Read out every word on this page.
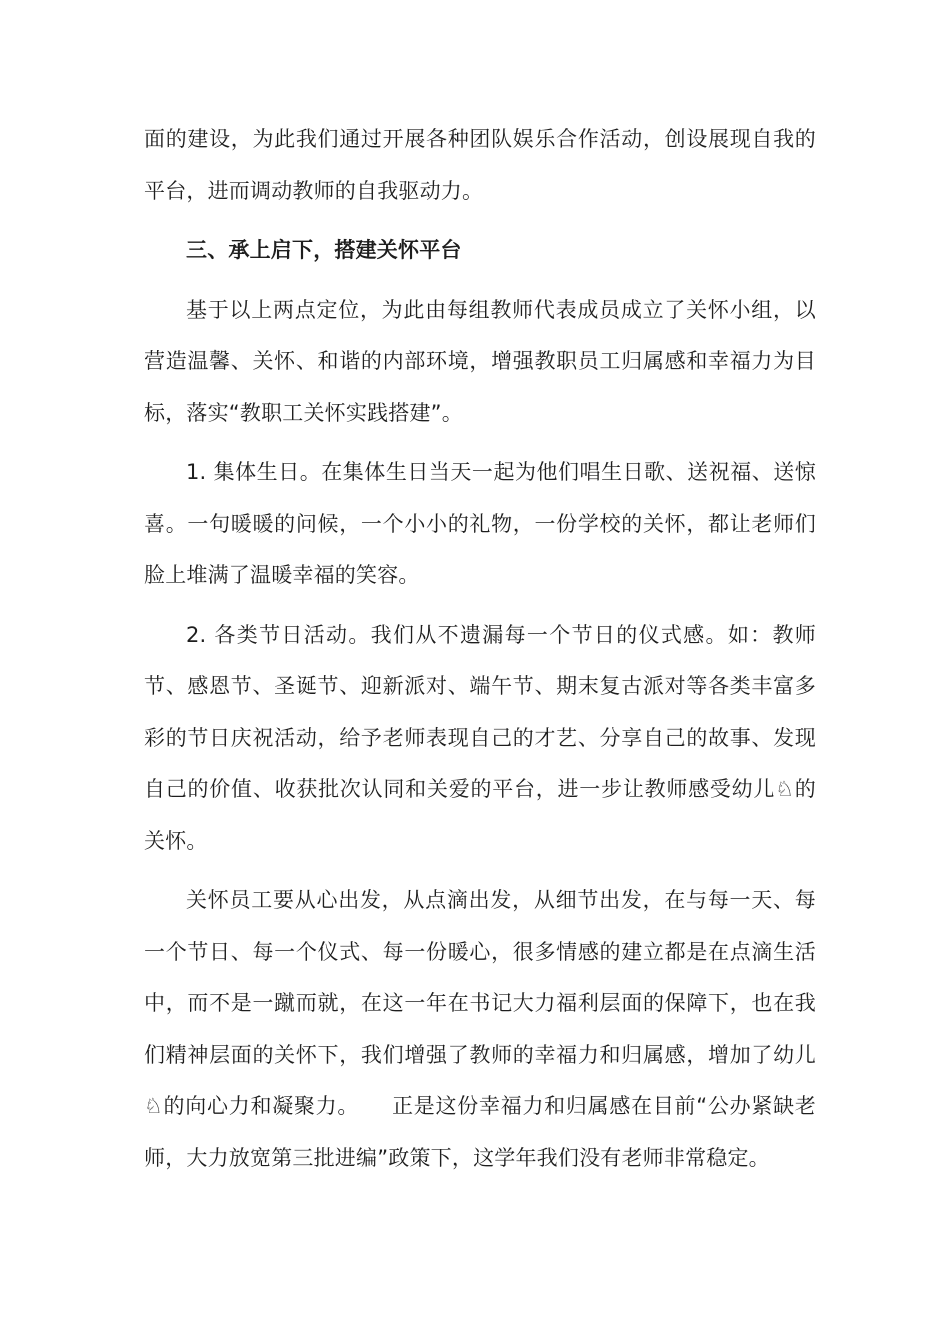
面的建设，为此我们通过开展各种团队娱乐合作活动，创设展现自我的平台，进而调动教师的自我驱动力。

三、承上启下，搭建关怀平台

基于以上两点定位，为此由每组教师代表成员成立了关怀小组，以营造温馨、关怀、和谐的内部环境，增强教职员工归属感和幸福力为目标，落实“教职工关怀实践搭建”。

1. 集体生日。在集体生日当天一起为他们唱生日歌、送祝福、送惊喜。一句暖暖的问候，一个小小的礼物，一份学校的关怀，都让老师们脸上堆满了温暖幸福的笑容。

2. 各类节日活动。我们从不遗漏每一个节日的仪式感。如：教师节、感恩节、圣诞节、迎新派对、端午节、期末复古派对等各类丰富多彩的节日庆祝活动，给予老师表现自己的才艺、分享自己的故事、发现自己的价值、收获批次认同和关爱的平台，进一步让教师感受幼儿♘的关怀。

关怀员工要从心出发，从点滴出发，从细节出发，在与每一天、每一个节日、每一个仪式、每一份暖心，很多情感的建立都是在点滴生活中，而不是一蹴而就，在这一年在书记大力福利层面的保障下，也在我们精神层面的关怀下，我们增强了教师的幸福力和归属感，增加了幼儿♘的向心力和凝聚力。　　正是这份幸福力和归属感在目前“公办紧缺老师，大力放宽第三批进编”政策下，这学年我们没有老师非常稳定。
